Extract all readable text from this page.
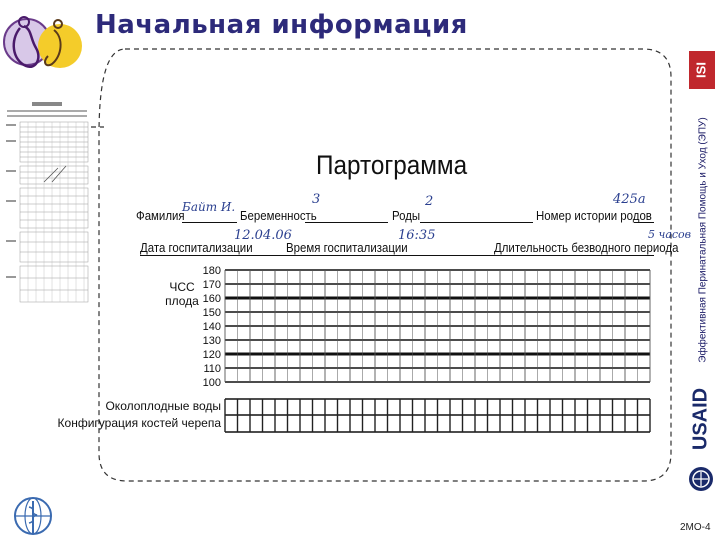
Начальная информация
ISI
Эффективная Перинатальная Помощь и Уход (ЭПУ)
USAID
2MO-4
Партограмма
Фамилия	Беременность	Роды	Номер истории родов
Дата госпитализации	Время госпитализации	Длительность безводного периода
Байт И.	3	2	425а
12.04.06	16:35	5 часов
180
170
160
150
140
130
120
110
100
ЧСС
плода
Околоплодные воды
Конфигурация костей черепа
